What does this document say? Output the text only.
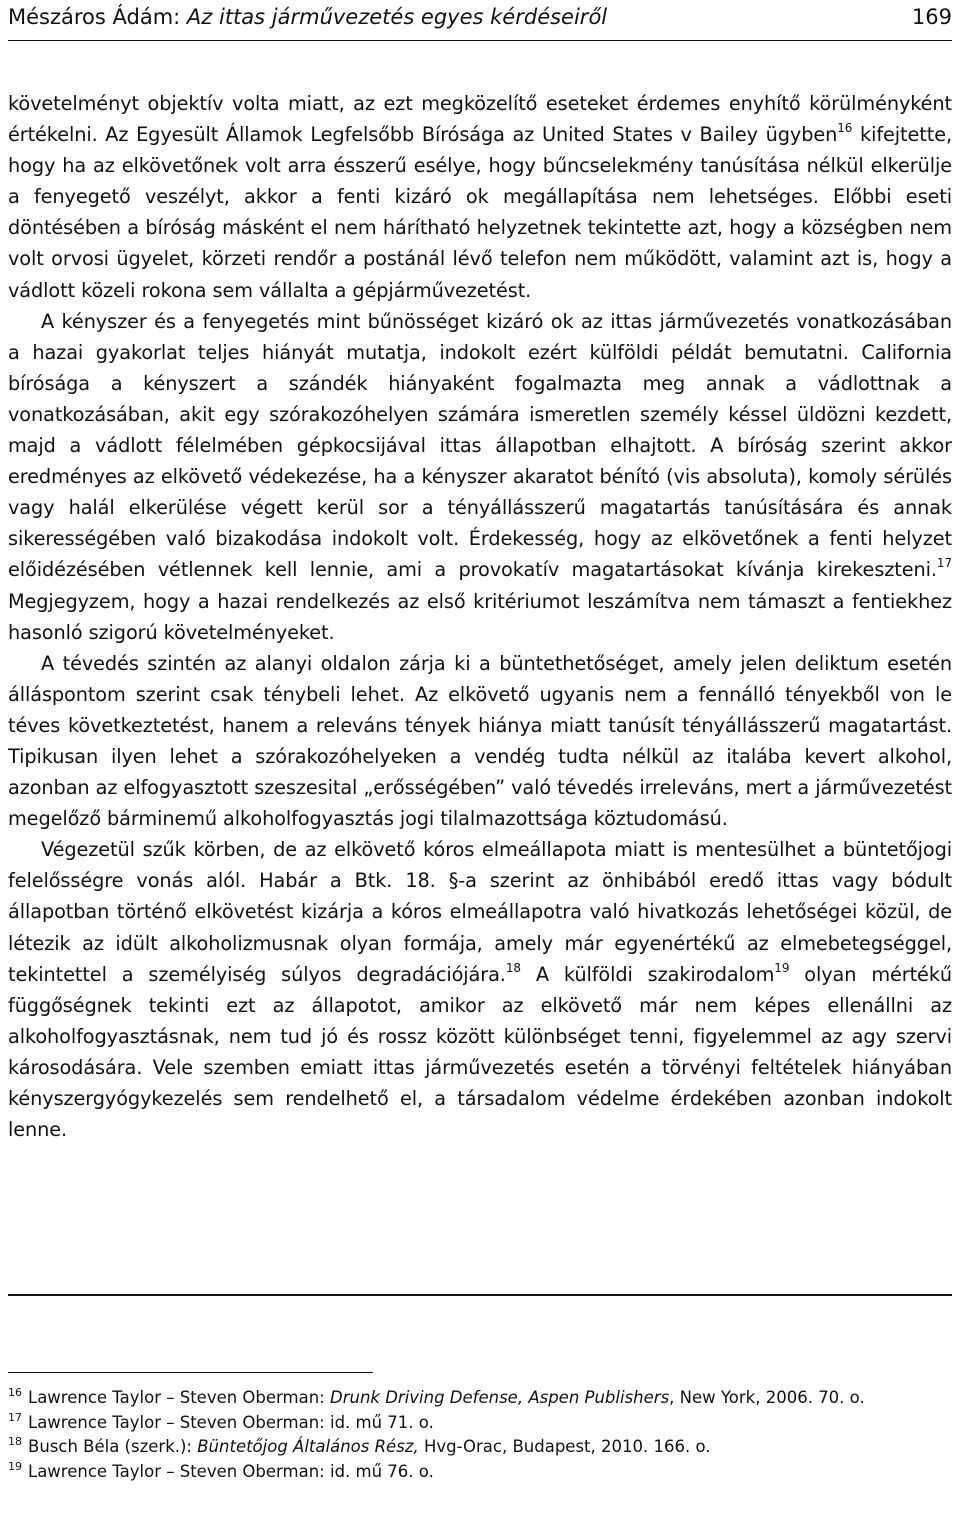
Mészáros Ádám: Az ittas járművezetés egyes kérdéseiről	169

követelményt objektív volta miatt, az ezt megközelítő eseteket érdemes enyhítő körülményként értékelni. Az Egyesült Államok Legfelsőbb Bírósága az United States v Bailey ügyben$^{16}$ kifejtette, hogy ha az elkövetőnek volt arra ésszerű esélye, hogy bűncselekmény tanúsítása nélkül elkerülje a fenyegető veszélyt, akkor a fenti kizáró ok megállapítása nem lehetséges. Előbbi eseti döntésében a bíróság másként el nem hárítható helyzetnek tekintette azt, hogy a községben nem volt orvosi ügyelet, körzeti rendőr a postánál lévő telefon nem működött, valamint azt is, hogy a vádlott közeli rokona sem vállalta a gépjárművezetést.

A kényszer és a fenyegetés mint bűnösséget kizáró ok az ittas járművezetés vonatkozásában a hazai gyakorlat teljes hiányát mutatja, indokolt ezért külföldi példát bemutatni. California bírósága a kényszert a szándék hiányaként fogalmazta meg annak a vádlottnak a vonatkozásában, akit egy szórakozóhelyen számára ismeretlen személy késsel üldözni kezdett, majd a vádlott félelmében gépkocsijával ittas állapotban elhajtott. A bíróság szerint akkor eredményes az elkövető védekezése, ha a kényszer akaratot bénító (vis absoluta), komoly sérülés vagy halál elkerülése végett kerül sor a tényállásszerű magatartás tanúsítására és annak sikerességében való bizakodása indokolt volt. Érdekesség, hogy az elkövetőnek a fenti helyzet előidézésében vétlennek kell lennie, ami a provokatív magatartásokat kívánja kirekeszteni.$^{17}$ Megjegyzem, hogy a hazai rendelkezés az első kritériumot leszámítva nem támaszt a fentiekhez hasonló szigorú követelményeket.

A tévedés szintén az alanyi oldalon zárja ki a büntethetőséget, amely jelen deliktum esetén álláspontom szerint csak ténybeli lehet. Az elkövető ugyanis nem a fennálló tényekből von le téves következtetést, hanem a releváns tények hiánya miatt tanúsít tényállásszerű magatartást. Tipikusan ilyen lehet a szórakozóhelyeken a vendég tudta nélkül az italába kevert alkohol, azonban az elfogyasztott szeszesital „erősségében” való tévedés irreleváns, mert a járművezetést megelőző bárminemű alkoholfogyasztás jogi tilalmazottsága köztudomású.

Végezetül szűk körben, de az elkövető kóros elmeállapota miatt is mentesülhet a büntetőjogi felelősségre vonás alól. Habár a Btk. 18. §-a szerint az önhibából eredő ittas vagy bódult állapotban történő elkövetést kizárja a kóros elmeállapotra való hivatkozás lehetőségei közül, de létezik az idült alkoholizmusnak olyan formája, amely már egyenértékű az elmebetegséggel, tekintettel a személyiség súlyos degradációjára.$^{18}$ A külföldi szakirodalom$^{19}$ olyan mértékű függőségnek tekinti ezt az állapotot, amikor az elkövető már nem képes ellenállni az alkoholfogyasztásnak, nem tud jó és rossz között különbséget tenni, figyelemmel az agy szervi károsodására. Vele szemben emiatt ittas járművezetés esetén a törvényi feltételek hiányában kényszergyógykezelés sem rendelhető el, a társadalom védelme érdekében azonban indokolt lenne.

$^{16}$ Lawrence Taylor – Steven Oberman: Drunk Driving Defense, Aspen Publishers, New York, 2006. 70. o.

$^{17}$ Lawrence Taylor – Steven Oberman: id. mű 71. o.

$^{18}$ Busch Béla (szerk.): Büntetőjog Általános Rész, Hvg-Orac, Budapest, 2010. 166. o.

$^{19}$ Lawrence Taylor – Steven Oberman: id. mű 76. o.
